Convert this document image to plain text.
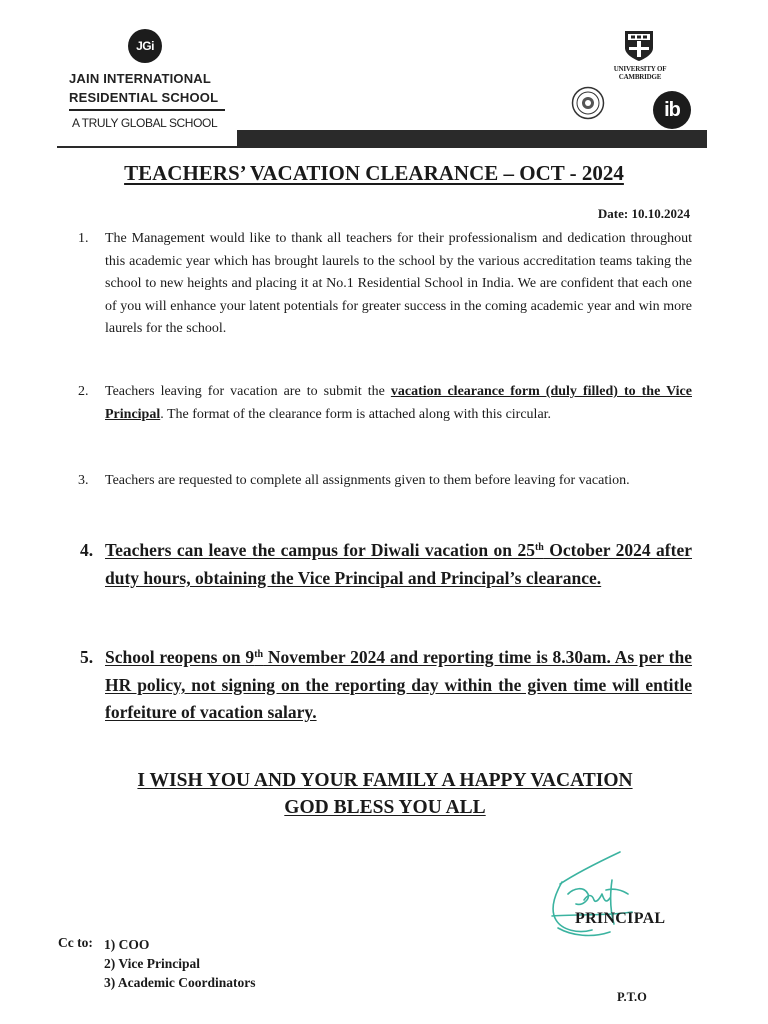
JGi
JAIN INTERNATIONAL
RESIDENTIAL SCHOOL
A TRULY GLOBAL SCHOOL
UNIVERSITY OF
CAMBRIDGE
ib
TEACHERS’ VACATION CLEARANCE – OCT - 2024
Date: 10.10.2024
1. The Management would like to thank all teachers for their professionalism and dedication throughout this academic year which has brought laurels to the school by the various accreditation teams taking the school to new heights and placing it at No.1 Residential School in India. We are confident that each one of you will enhance your latent potentials for greater success in the coming academic year and win more laurels for the school.
2. Teachers leaving for vacation are to submit the vacation clearance form (duly filled) to the Vice Principal. The format of the clearance form is attached along with this circular.
3. Teachers are requested to complete all assignments given to them before leaving for vacation.
4. Teachers can leave the campus for Diwali vacation on 25th October 2024 after duty hours, obtaining the Vice Principal and Principal’s clearance.
5. School reopens on 9th November 2024 and reporting time is 8.30am. As per the HR policy, not signing on the reporting day within the given time will entitle forfeiture of vacation salary.
I WISH YOU AND YOUR FAMILY A HAPPY VACATION
GOD BLESS YOU ALL
PRINCIPAL
Cc to: 1) COO
2) Vice Principal
3) Academic Coordinators
P.T.O
